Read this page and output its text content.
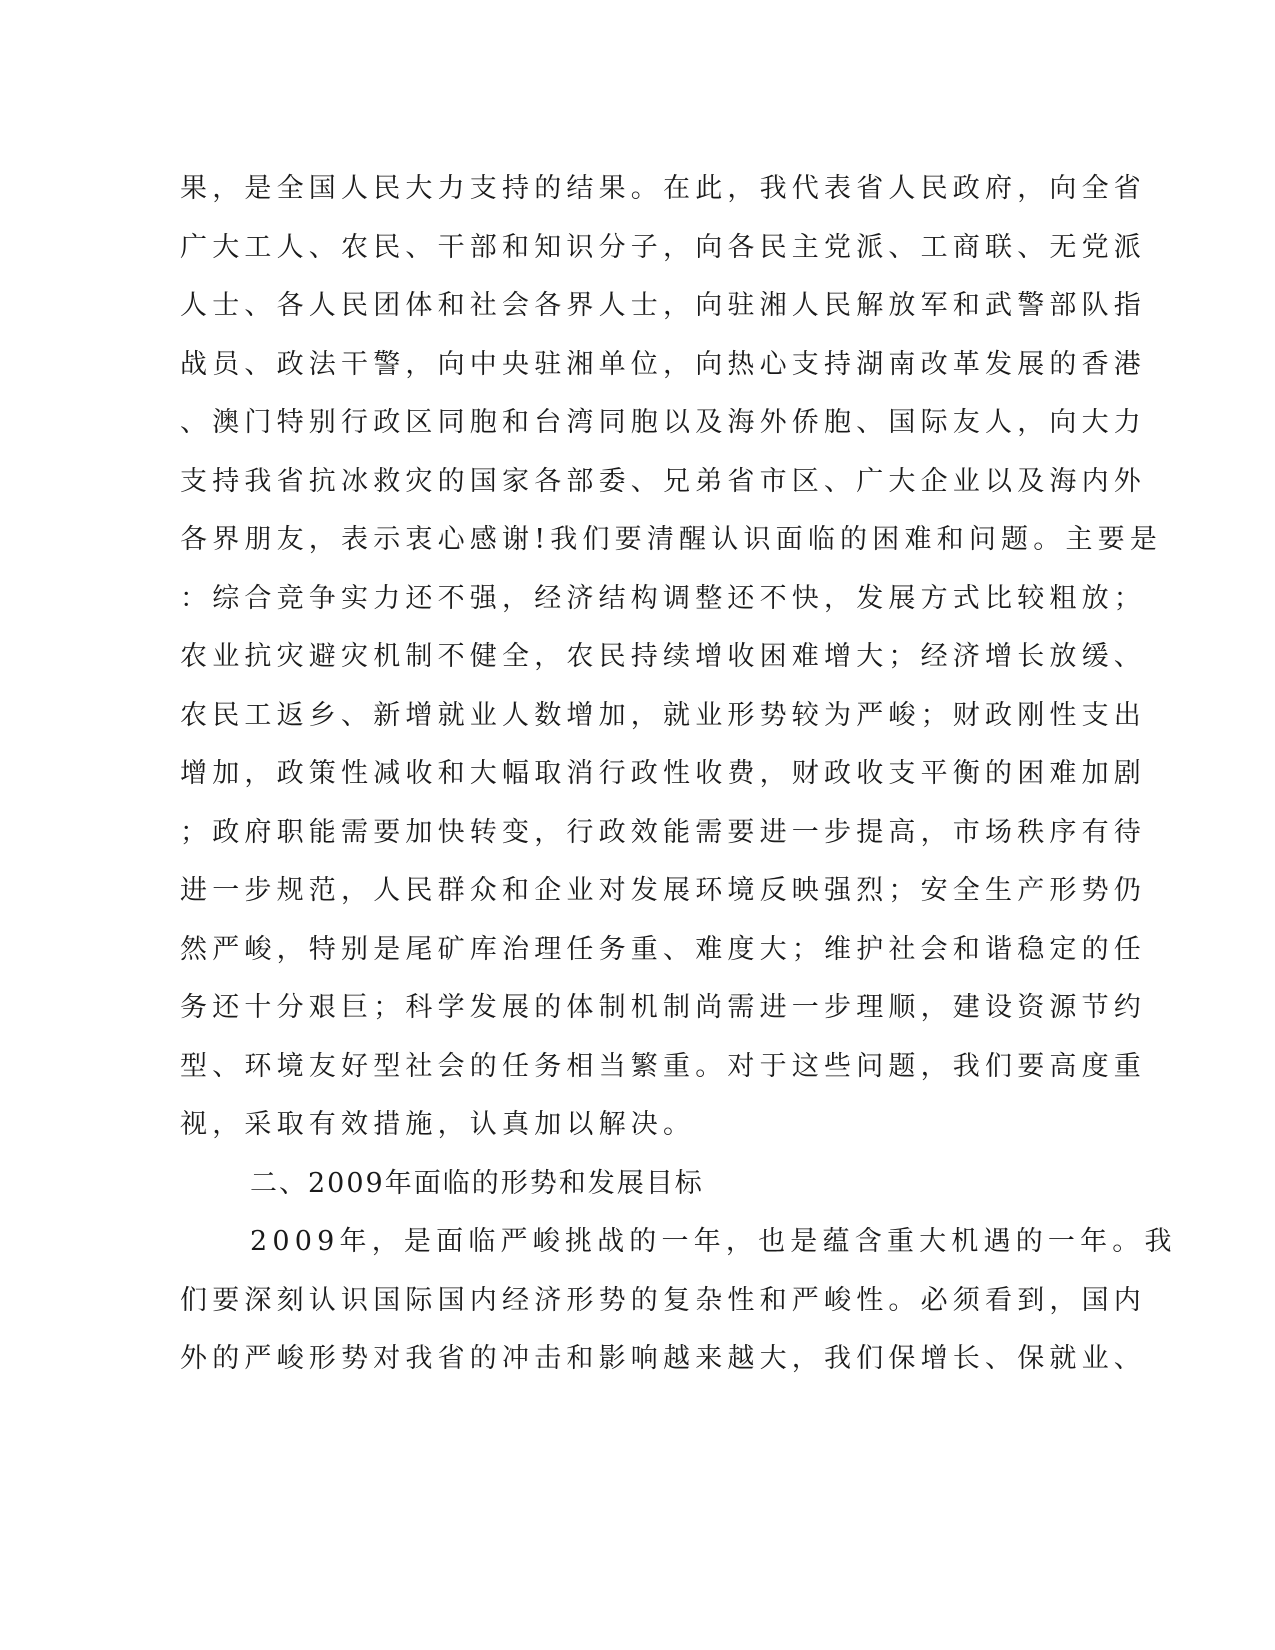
果，是全国人民大力支持的结果。在此，我代表省人民政府，向全省
广大工人、农民、干部和知识分子，向各民主党派、工商联、无党派
人士、各人民团体和社会各界人士，向驻湘人民解放军和武警部队指
战员、政法干警，向中央驻湘单位，向热心支持湖南改革发展的香港
、澳门特别行政区同胞和台湾同胞以及海外侨胞、国际友人，向大力
支持我省抗冰救灾的国家各部委、兄弟省市区、广大企业以及海内外
各界朋友，表示衷心感谢!我们要清醒认识面临的困难和问题。主要是
：综合竞争实力还不强，经济结构调整还不快，发展方式比较粗放；
农业抗灾避灾机制不健全，农民持续增收困难增大；经济增长放缓、
农民工返乡、新增就业人数增加，就业形势较为严峻；财政刚性支出
增加，政策性减收和大幅取消行政性收费，财政收支平衡的困难加剧
；政府职能需要加快转变，行政效能需要进一步提高，市场秩序有待
进一步规范，人民群众和企业对发展环境反映强烈；安全生产形势仍
然严峻，特别是尾矿库治理任务重、难度大；维护社会和谐稳定的任
务还十分艰巨；科学发展的体制机制尚需进一步理顺，建设资源节约
型、环境友好型社会的任务相当繁重。对于这些问题，我们要高度重
视，采取有效措施，认真加以解决。
二、2009年面临的形势和发展目标
2009年，是面临严峻挑战的一年，也是蕴含重大机遇的一年。我
们要深刻认识国际国内经济形势的复杂性和严峻性。必须看到，国内
外的严峻形势对我省的冲击和影响越来越大，我们保增长、保就业、
